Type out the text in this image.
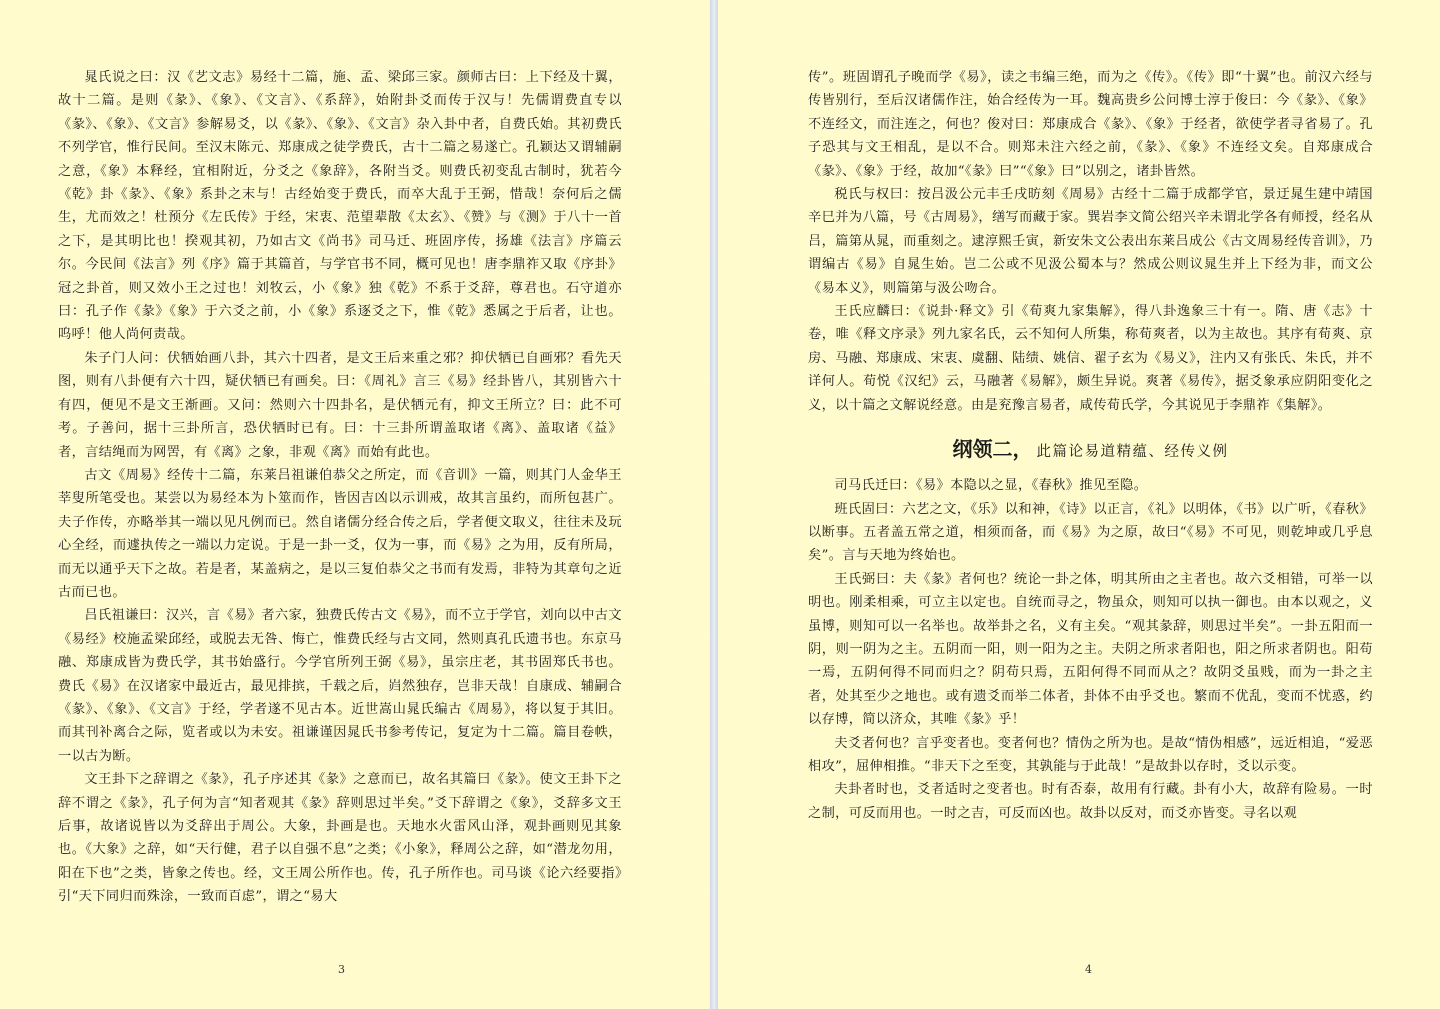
晁氏说之曰：汉《艺文志》易经十二篇，施、孟、梁邱三家。颜师古曰：上下经及十翼，故十二篇。是则《彖》、《象》、《文言》、《系辞》，始附卦爻而传于汉与！先儒谓费直专以《彖》、《象》、《文言》参解易爻，以《彖》、《象》、《文言》杂入卦中者，自费氏始。其初费氏不列学官，惟行民间。至汉末陈元、郑康成之徒学费氏，古十二篇之易遂亡。孔颖达又谓辅嗣之意，《象》本释经，宜相附近，分爻之《象辞》，各附当爻。则费氏初变乱古制时，犹若今《乾》卦《彖》、《象》系卦之末与！古经始变于费氏，而卒大乱于王弼，惜哉！奈何后之儒生，尤而效之！杜预分《左氏传》于经，宋衷、范望辈散《太玄》、《赞》与《测》于八十一首之下，是其明比也！揆观其初，乃如古文《尚书》司马迁、班固序传，扬雄《法言》序篇云尔。今民间《法言》列《序》篇于其篇首，与学官书不同，概可见也！唐李鼎祚又取《序卦》冠之卦首，则又效小王之过也！刘牧云，小《象》独《乾》不系于爻辞，尊君也。石守道亦曰：孔子作《彖》《象》于六爻之前，小《象》系逐爻之下，惟《乾》悉属之于后者，让也。呜呼！他人尚何责哉。

朱子门人问：伏牺始画八卦，其六十四者，是文王后来重之邪？抑伏牺已自画邪？看先天图，则有八卦便有六十四，疑伏牺已有画矣。曰：《周礼》言三《易》经卦皆八，其别皆六十有四，便见不是文王渐画。又问：然则六十四卦名，是伏牺元有，抑文王所立？曰：此不可考。子善问，据十三卦所言，恐伏牺时已有。曰：十三卦所谓盖取诸《离》、盖取诸《益》者，言结绳而为网罟，有《离》之象，非观《离》而始有此也。

古文《周易》经传十二篇，东莱吕祖谦伯恭父之所定，而《音训》一篇，则其门人金华王莘叟所笔受也。某尝以为易经本为卜筮而作，皆因吉凶以示训戒，故其言虽约，而所包甚广。夫子作传，亦略举其一端以见凡例而已。然自诸儒分经合传之后，学者便文取义，往往未及玩心全经，而遽执传之一端以力定说。于是一卦一爻，仅为一事，而《易》之为用，反有所局，而无以通乎天下之故。若是者，某盖病之，是以三复伯恭父之书而有发焉，非特为其章句之近古而已也。

吕氏祖谦曰：汉兴，言《易》者六家，独费氏传古文《易》，而不立于学官，刘向以中古文《易经》校施孟梁邱经，或脱去无咎、悔亡，惟费氏经与古文同，然则真孔氏遗书也。东京马融、郑康成皆为费氏学，其书始盛行。今学官所列王弼《易》，虽宗庄老，其书固郑氏书也。费氏《易》在汉诸家中最近古，最见排摈，千载之后，岿然独存，岂非天哉！自康成、辅嗣合《彖》、《象》、《文言》于经，学者遂不见古本。近世嵩山晁氏编古《周易》，将以复于其旧。而其刊补离合之际，览者或以为未安。祖谦谨因晁氏书参考传记，复定为十二篇。篇目卷帙，一以古为断。

文王卦下之辞谓之《彖》，孔子序述其《彖》之意而已，故名其篇曰《彖》。使文王卦下之辞不谓之《彖》，孔子何为言“知者观其《彖》辞则思过半矣。”爻下辞谓之《象》，爻辞多文王后事，故诸说皆以为爻辞出于周公。大象，卦画是也。天地水火雷风山泽，观卦画则见其象也。《大象》之辞，如“天行健，君子以自强不息”之类；《小象》，释周公之辞，如“潜龙勿用，阳在下也”之类，皆象之传也。经，文王周公所作也。传，孔子所作也。司马谈《论六经要指》引“天下同归而殊涂，一致而百虑”，谓之“易大

3

传”。班固谓孔子晚而学《易》，读之韦编三绝，而为之《传》。《传》即“十翼”也。前汉六经与传皆别行，至后汉诸儒作注，始合经传为一耳。魏高贵乡公问博士淳于俊曰：今《彖》、《象》不连经文，而注连之，何也？俊对曰：郑康成合《彖》、《象》于经者，欲使学者寻省易了。孔子恐其与文王相乱，是以不合。则郑未注六经之前，《彖》、《象》不连经文矣。自郑康成合《彖》、《象》于经，故加“《彖》曰”“《象》曰”以别之，诸卦皆然。

税氏与权曰：按吕汲公元丰壬戌昉刻《周易》古经十二篇于成都学官，景迂晁生建中靖国辛巳并为八篇，号《古周易》，缮写而藏于家。巽岩李文简公绍兴辛未谓北学各有师授，经名从吕，篇第从晁，而重刻之。逮淳熙壬寅，新安朱文公表出东莱吕成公《古文周易经传音训》，乃谓编古《易》自晁生始。岂二公或不见汲公蜀本与？然成公则议晁生并上下经为非，而文公《易本义》，则篇第与汲公吻合。

王氏应麟曰：《说卦·释文》引《荀爽九家集解》，得八卦逸象三十有一。隋、唐《志》十卷，唯《释文序录》列九家名氏，云不知何人所集，称荀爽者，以为主故也。其序有荀爽、京房、马融、郑康成、宋衷、虞翻、陆绩、姚信、翟子玄为《易义》，注内又有张氏、朱氏，并不详何人。荀悦《汉纪》云，马融著《易解》，颇生异说。爽著《易传》，据爻象承应阴阳变化之义，以十篇之文解说经意。由是兖豫言易者，咸传荀氏学，今其说见于李鼎祚《集解》。

纲领二， 此篇论易道精蕴、经传义例

司马氏迁曰：《易》本隐以之显，《春秋》推见至隐。

班氏固曰：六艺之文，《乐》以和神，《诗》以正言，《礼》以明体，《书》以广听，《春秋》以断事。五者盖五常之道，相须而备，而《易》为之原，故曰“《易》不可见，则乾坤或几乎息矣”。言与天地为终始也。

王氏弼曰：夫《彖》者何也？统论一卦之体，明其所由之主者也。故六爻相错，可举一以明也。刚柔相乘，可立主以定也。自统而寻之，物虽众，则知可以执一御也。由本以观之，义虽博，则知可以一名举也。故举卦之名，义有主矣。“观其彖辞，则思过半矣”。一卦五阳而一阴，则一阴为之主。五阴而一阳，则一阳为之主。夫阴之所求者阳也，阳之所求者阴也。阳苟一焉，五阴何得不同而归之？阴苟只焉，五阳何得不同而从之？故阴爻虽贱，而为一卦之主者，处其至少之地也。或有遗爻而举二体者，卦体不由乎爻也。繁而不优乱，变而不忧惑，约以存博，简以济众，其唯《彖》乎！

夫爻者何也？言乎变者也。变者何也？情伪之所为也。是故“情伪相感”，远近相追，“爱恶相攻”，屈伸相推。“非天下之至变，其孰能与于此哉！”是故卦以存时，爻以示变。

夫卦者时也，爻者适时之变者也。时有否泰，故用有行藏。卦有小大，故辞有险易。一时之制，可反而用也。一时之吉，可反而凶也。故卦以反对，而爻亦皆变。寻名以观

4
